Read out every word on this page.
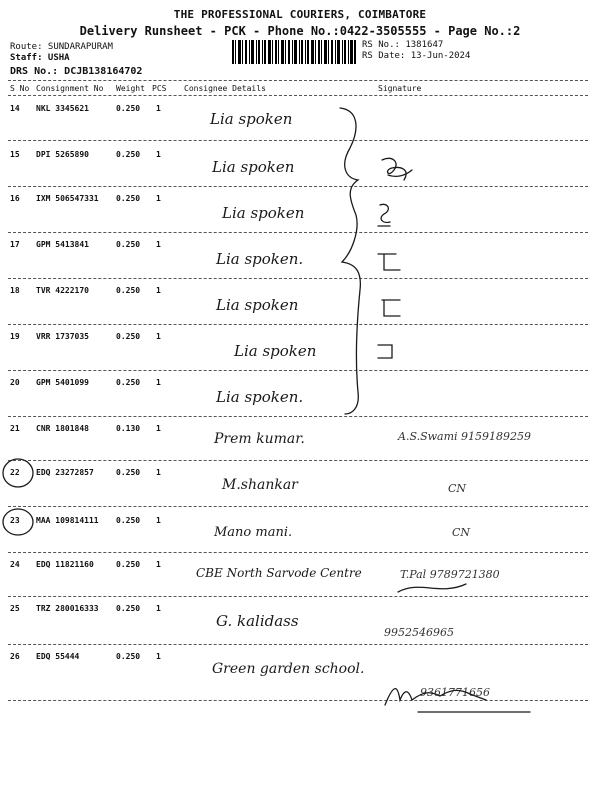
THE PROFESSIONAL COURIERS, COIMBATORE
Delivery Runsheet - PCK - Phone No.:0422-3505555 - Page No.:2
Route: SUNDARAPURAM
Staff: USHA
DRS No.: DCJB138164702
RS No.: 1381647
RS Date: 13-Jun-2024
S No Consignment No Weight PCS Consignee Details	Signature
14 NKL 3345621	0.250 1
Lia spoken
15 DPI 5265890	0.250 1
Lia spoken
16 IXM 506547331 0.250 1
Lia spoken
17 GPM 5413841	0.250 1
Lia spoken.
18 TVR 4222170	0.250 1
Lia spoken
19 VRR 1737035	0.250 1
Lia spoken
20 GPM 5401099	0.250 1
Lia spoken.
21 CNR 1801848	0.130 1
Prem kumar.	A.S.Swami 9159189259
22 EDQ 23272857	0.250 1
M.shankar	CN
23 MAA 109814111 0.250 1
Mano mani.	CN
24 EDQ 11821160	0.250 1
CBE North Sarvode Centre	T.Pal 9789721380
25 TRZ 280016333 0.250 1
G. kalidass
9952546965
26 EDQ 55444	0.250 1
Green garden school.
9361771656
